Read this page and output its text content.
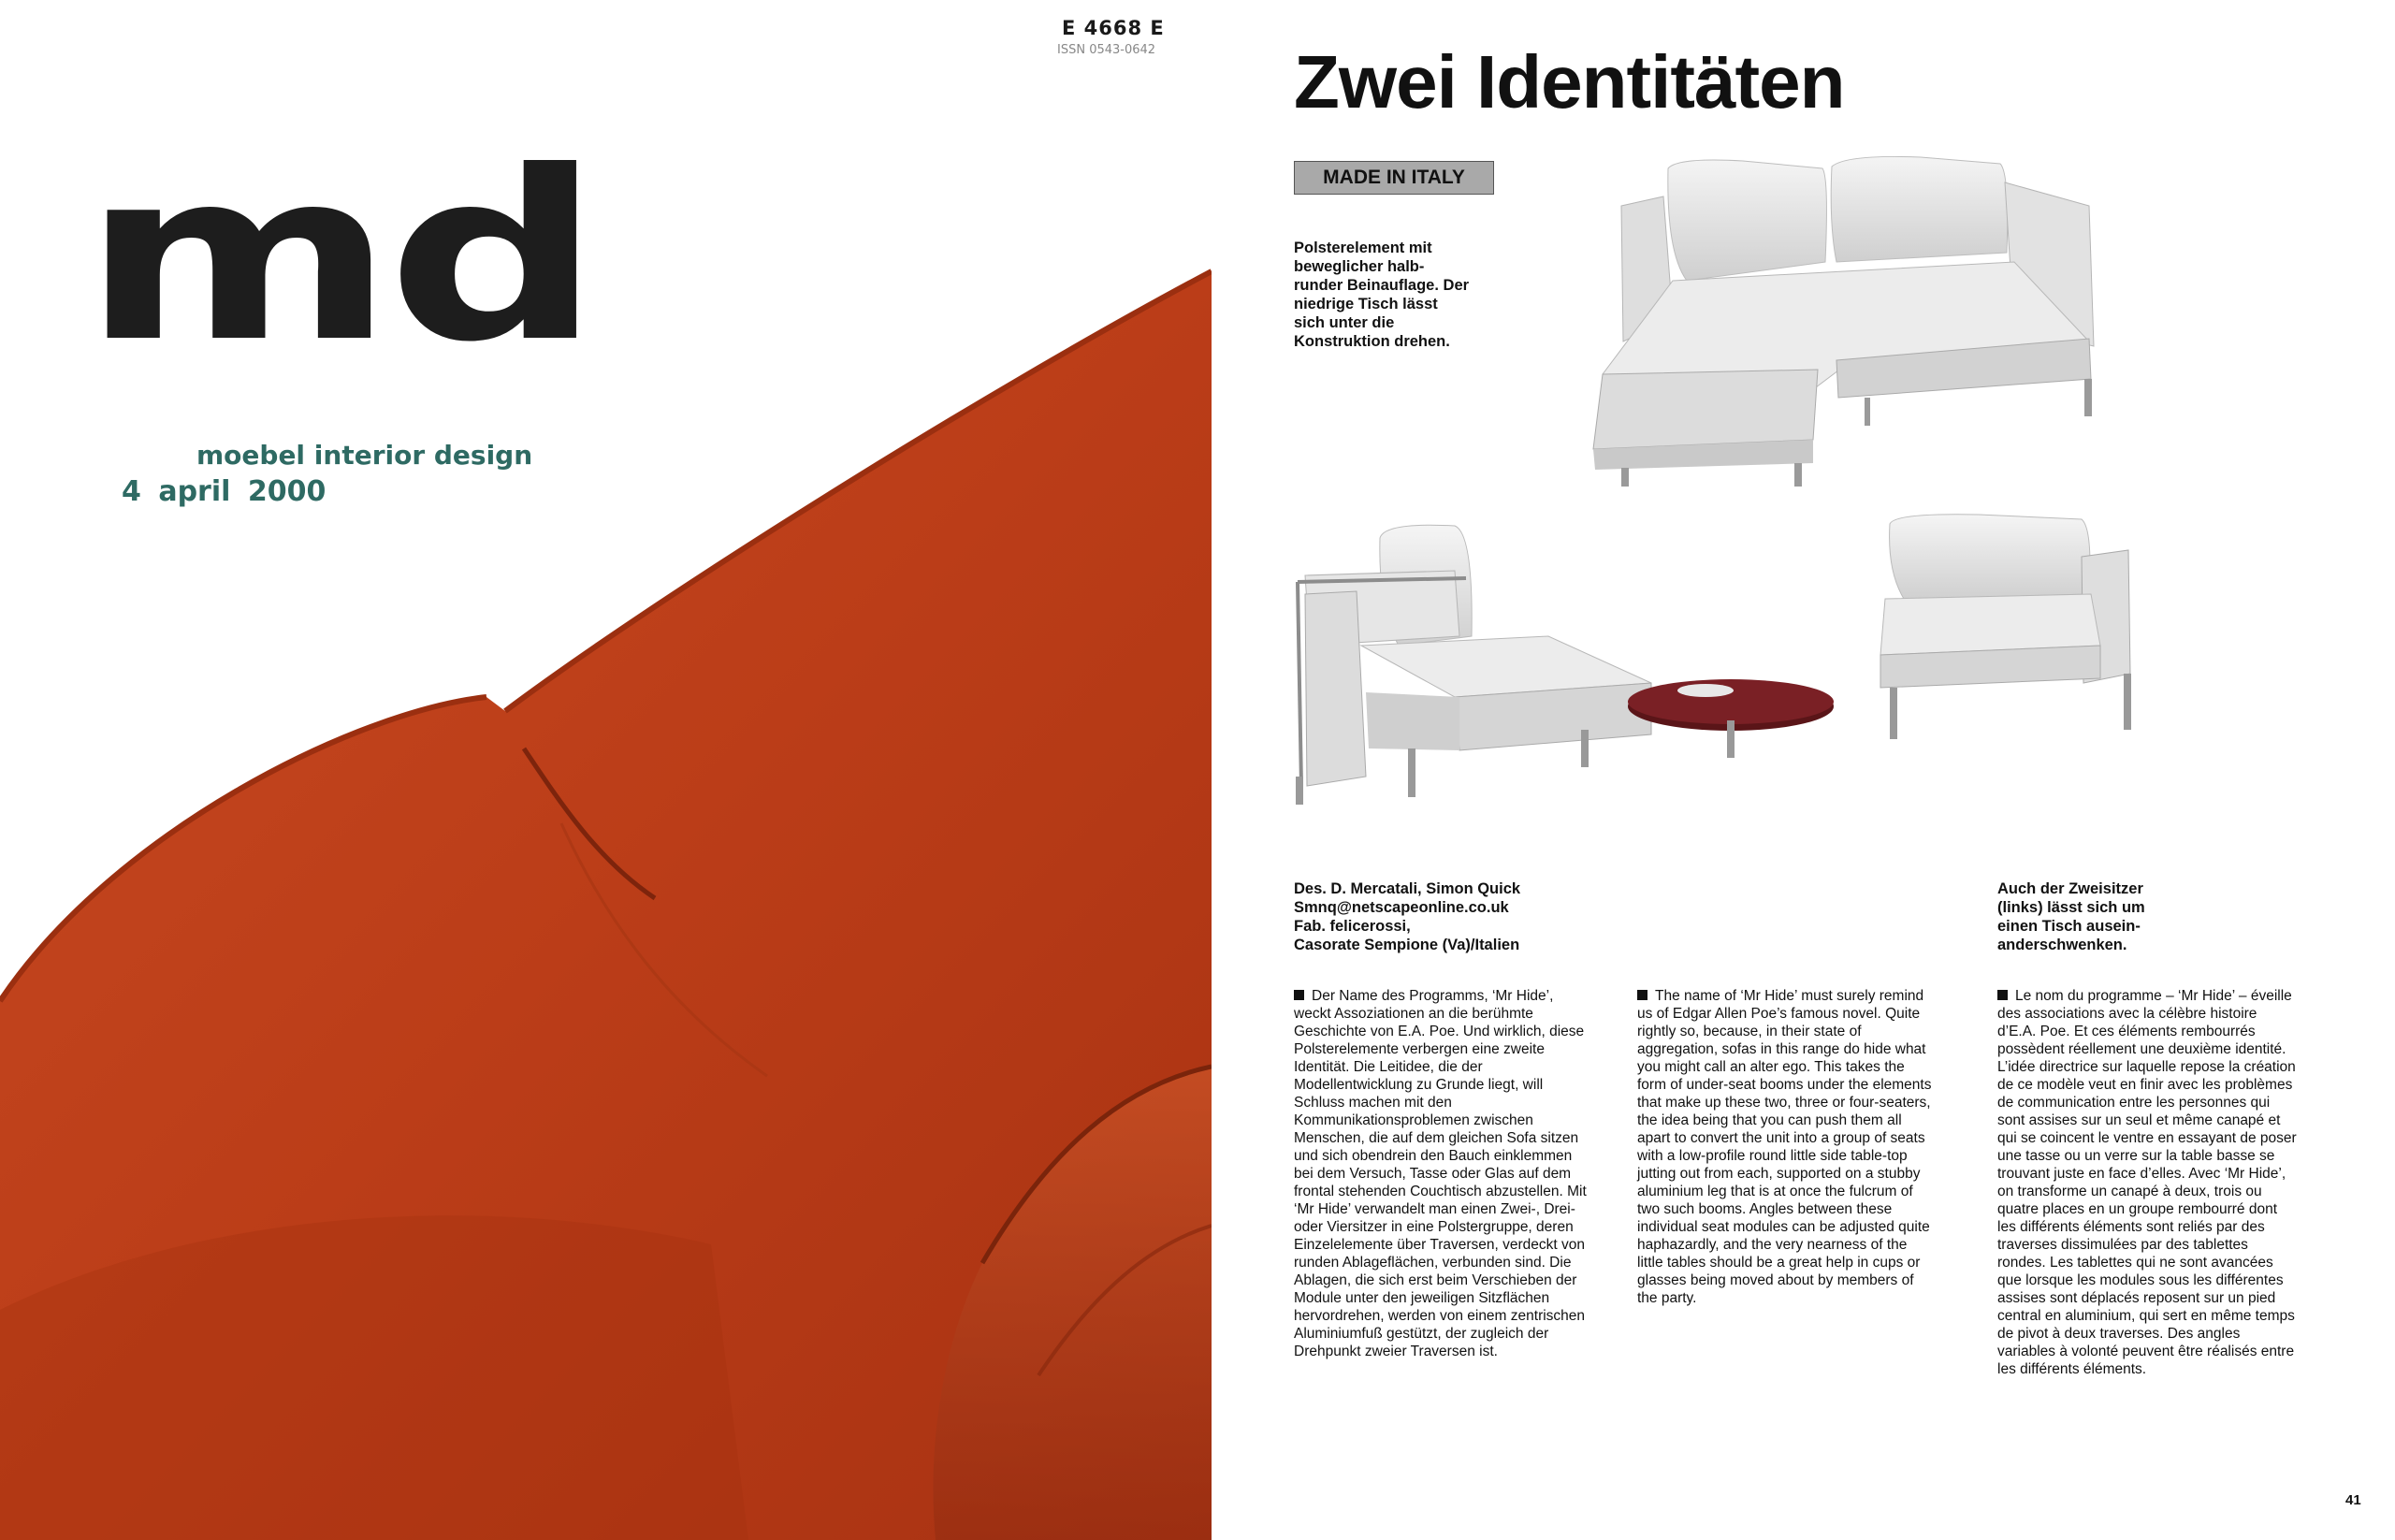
E 4668 E
ISSN 0543-0642
md
moebel interior design
4 april 2000
Zwei Identitäten
MADE IN ITALY
Polsterelement mit beweglicher halb-runder Beinauflage. Der niedrige Tisch lässt sich unter die Konstruktion drehen.
Des. D. Mercatali, Simon Quick
Smnq@netscapeonline.co.uk
Fab. felicerossi,
Casorate Sempione (Va)/Italien
Auch der Zweisitzer (links) lässt sich um einen Tisch ausein-anderschwenken.
Der Name des Programms, ‘Mr Hide’, weckt Assoziationen an die berühmte Geschichte von E.A. Poe. Und wirklich, diese Polsterelemente verbergen eine zweite Identität. Die Leitidee, die der Modellentwicklung zu Grunde liegt, will Schluss machen mit den Kommunikationsproblemen zwischen Menschen, die auf dem gleichen Sofa sitzen und sich obendrein den Bauch einklemmen bei dem Versuch, Tasse oder Glas auf dem frontal stehenden Couchtisch abzustellen. Mit ‘Mr Hide’ verwandelt man einen Zwei-, Drei- oder Viersitzer in eine Polstergruppe, deren Einzelelemente über Traversen, verdeckt von runden Ablageflächen, verbunden sind. Die Ablagen, die sich erst beim Verschieben der Module unter den jeweiligen Sitzflächen hervordrehen, werden von einem zentrischen Aluminiumfuß gestützt, der zugleich der Drehpunkt zweier Traversen ist.
The name of ‘Mr Hide’ must surely remind us of Edgar Allen Poe’s famous novel. Quite rightly so, because, in their state of aggregation, sofas in this range do hide what you might call an alter ego. This takes the form of under-seat booms under the elements that make up these two, three or four-seaters, the idea being that you can push them all apart to convert the unit into a group of seats with a low-profile round little side table-top jutting out from each, supported on a stubby aluminium leg that is at once the fulcrum of two such booms. Angles between these individual seat modules can be adjusted quite haphazardly, and the very nearness of the little tables should be a great help in cups or glasses being moved about by members of the party.
Le nom du programme – ‘Mr Hide’ – éveille des associations avec la célèbre histoire d’E.A. Poe. Et ces éléments rembourrés possèdent réellement une deuxième identité. L’idée directrice sur laquelle repose la création de ce modèle veut en finir avec les problèmes de communication entre les personnes qui sont assises sur un seul et même canapé et qui se coincent le ventre en essayant de poser une tasse ou un verre sur la table basse se trouvant juste en face d’elles. Avec ‘Mr Hide’, on transforme un canapé à deux, trois ou quatre places en un groupe rembourré dont les différents éléments sont reliés par des traverses dissimulées par des tablettes rondes. Les tablettes qui ne sont avancées que lorsque les modules sous les différentes assises sont déplacés reposent sur un pied central en aluminium, qui sert en même temps de pivot à deux traverses. Des angles variables à volonté peuvent être réalisés entre les différents éléments.
41
